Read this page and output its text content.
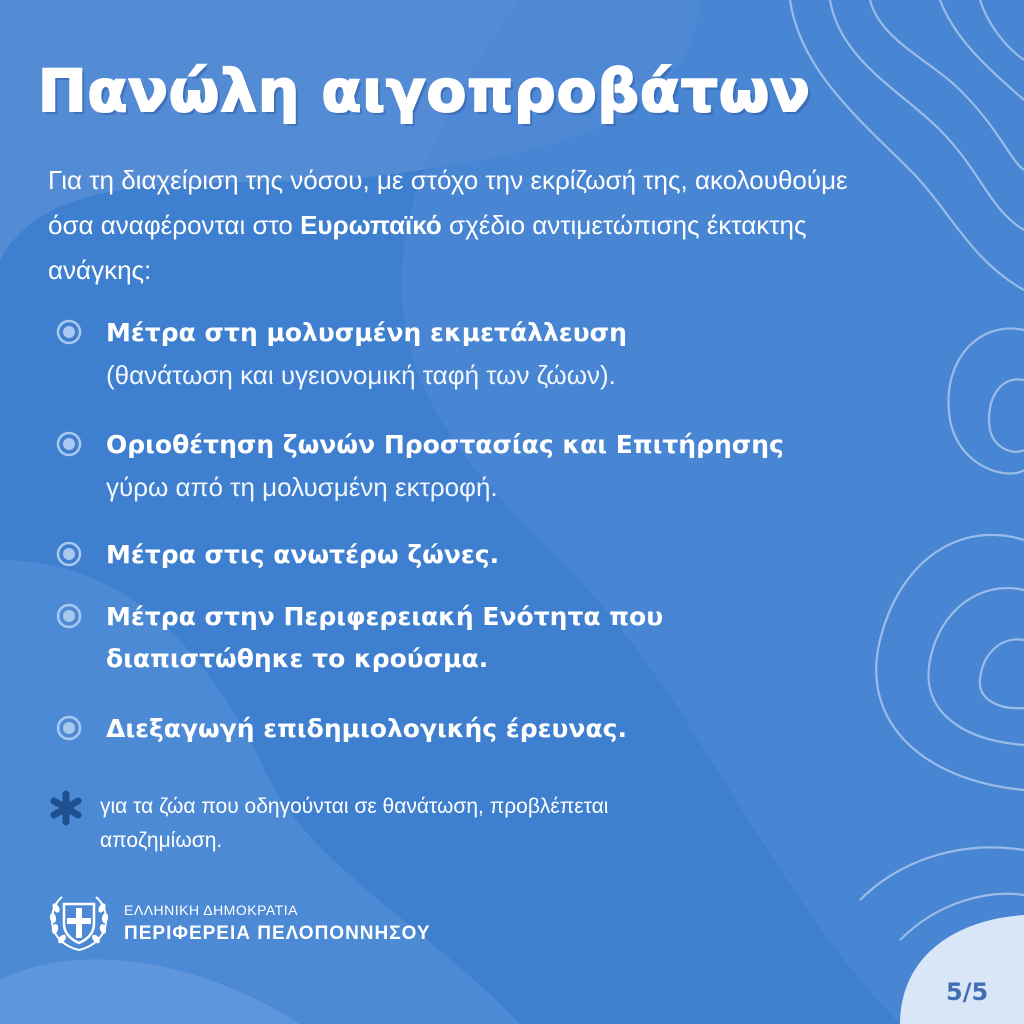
Πανώλη αιγοπροβάτων

Για τη διαχείριση της νόσου, με στόχο την εκρίζωσή της, ακολουθούμε όσα αναφέρονται στο Ευρωπαϊκό σχέδιο αντιμετώπισης έκτακτης ανάγκης:

Μέτρα στη μολυσμένη εκμετάλλευση
(θανάτωση και υγειονομική ταφή των ζώων).
Οριοθέτηση ζωνών Προστασίας και Επιτήρησης
γύρω από τη μολυσμένη εκτροφή.
Μέτρα στις ανωτέρω ζώνες.
Μέτρα στην Περιφερειακή Ενότητα που διαπιστώθηκε το κρούσμα.
Διεξαγωγή επιδημιολογικής έρευνας.
για τα ζώα που οδηγούνται σε θανάτωση, προβλέπεται αποζημίωση.
ΕΛΛΗΝΙΚΗ ΔΗΜΟΚΡΑΤΙΑ
ΠΕΡΙΦΕΡΕΙΑ ΠΕΛΟΠΟΝΝΗΣΟΥ
5/5
